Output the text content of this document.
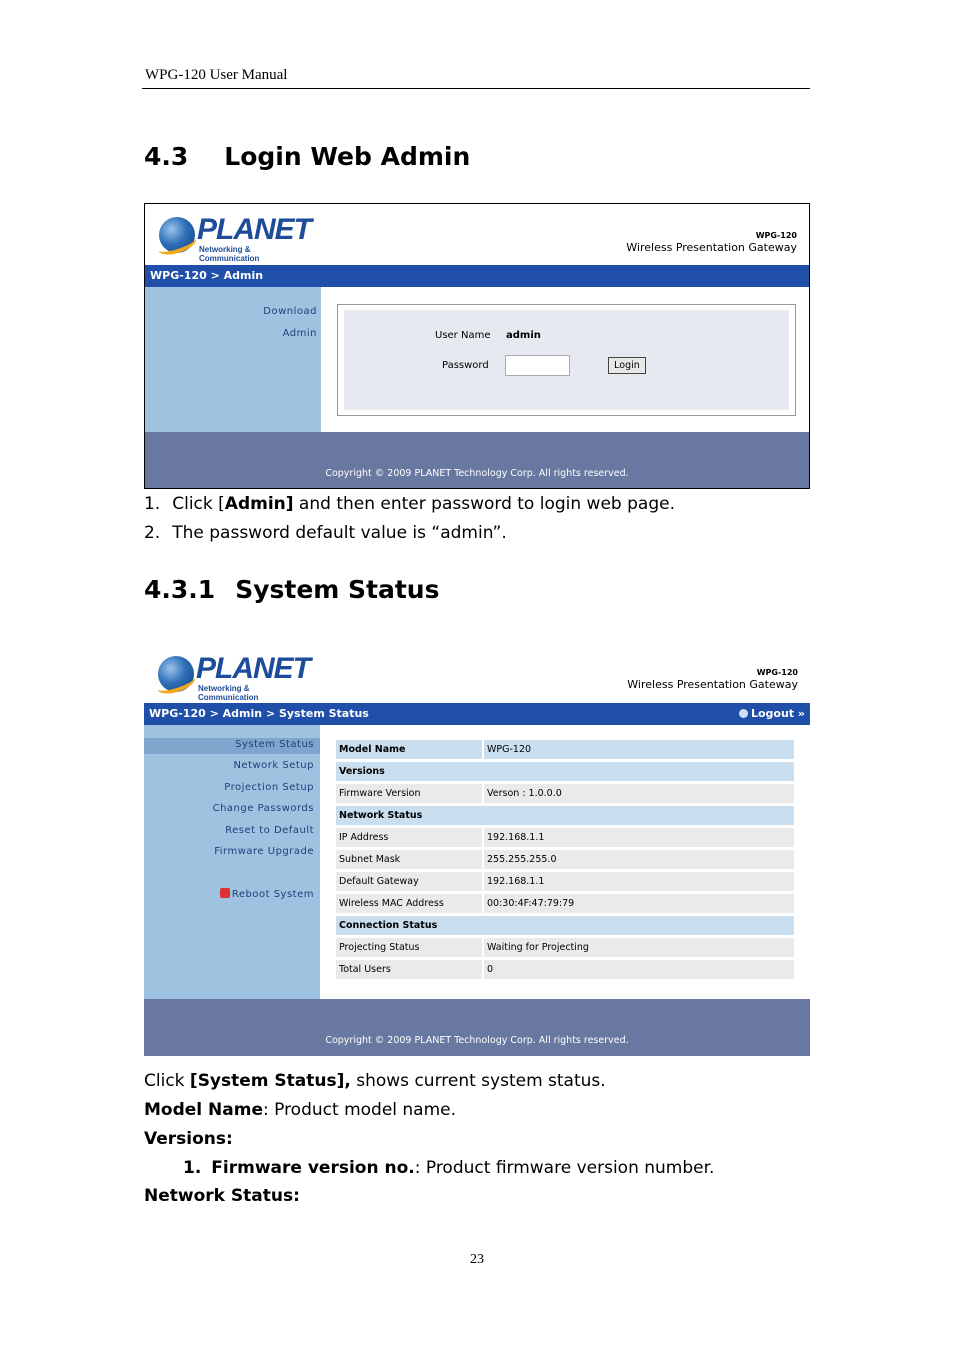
WPG-120 User Manual
4.3 Login Web Admin
PLANET
Networking & Communication
WPG-120
Wireless Presentation Gateway
WPG-120 > Admin
Download
Admin	User Name admin
Password	Login
Copyright © 2009 PLANET Technology Corp. All rights reserved.
1. Click [Admin] and then enter password to login web page.
2. The password default value is “admin”.
4.3.1 System Status
PLANET
Networking & Communication
WPG-120
Wireless Presentation Gateway
WPG-120 > Admin > System Status	Logout »
System Status
Network Setup
Projection Setup
Change Passwords
Reset to Default
Firmware Upgrade
Reboot System
Model Name	WPG-120
Versions
Firmware Version	Verson : 1.0.0.0
Network Status
IP Address	192.168.1.1
Subnet Mask	255.255.255.0
Default Gateway	192.168.1.1
Wireless MAC Address	00:30:4F:47:79:79
Connection Status
Projecting Status	Waiting for Projecting
Total Users	0
Copyright © 2009 PLANET Technology Corp. All rights reserved.
Click [System Status], shows current system status.
Model Name: Product model name.
Versions:
1. Firmware version no.: Product firmware version number.
Network Status:
23
